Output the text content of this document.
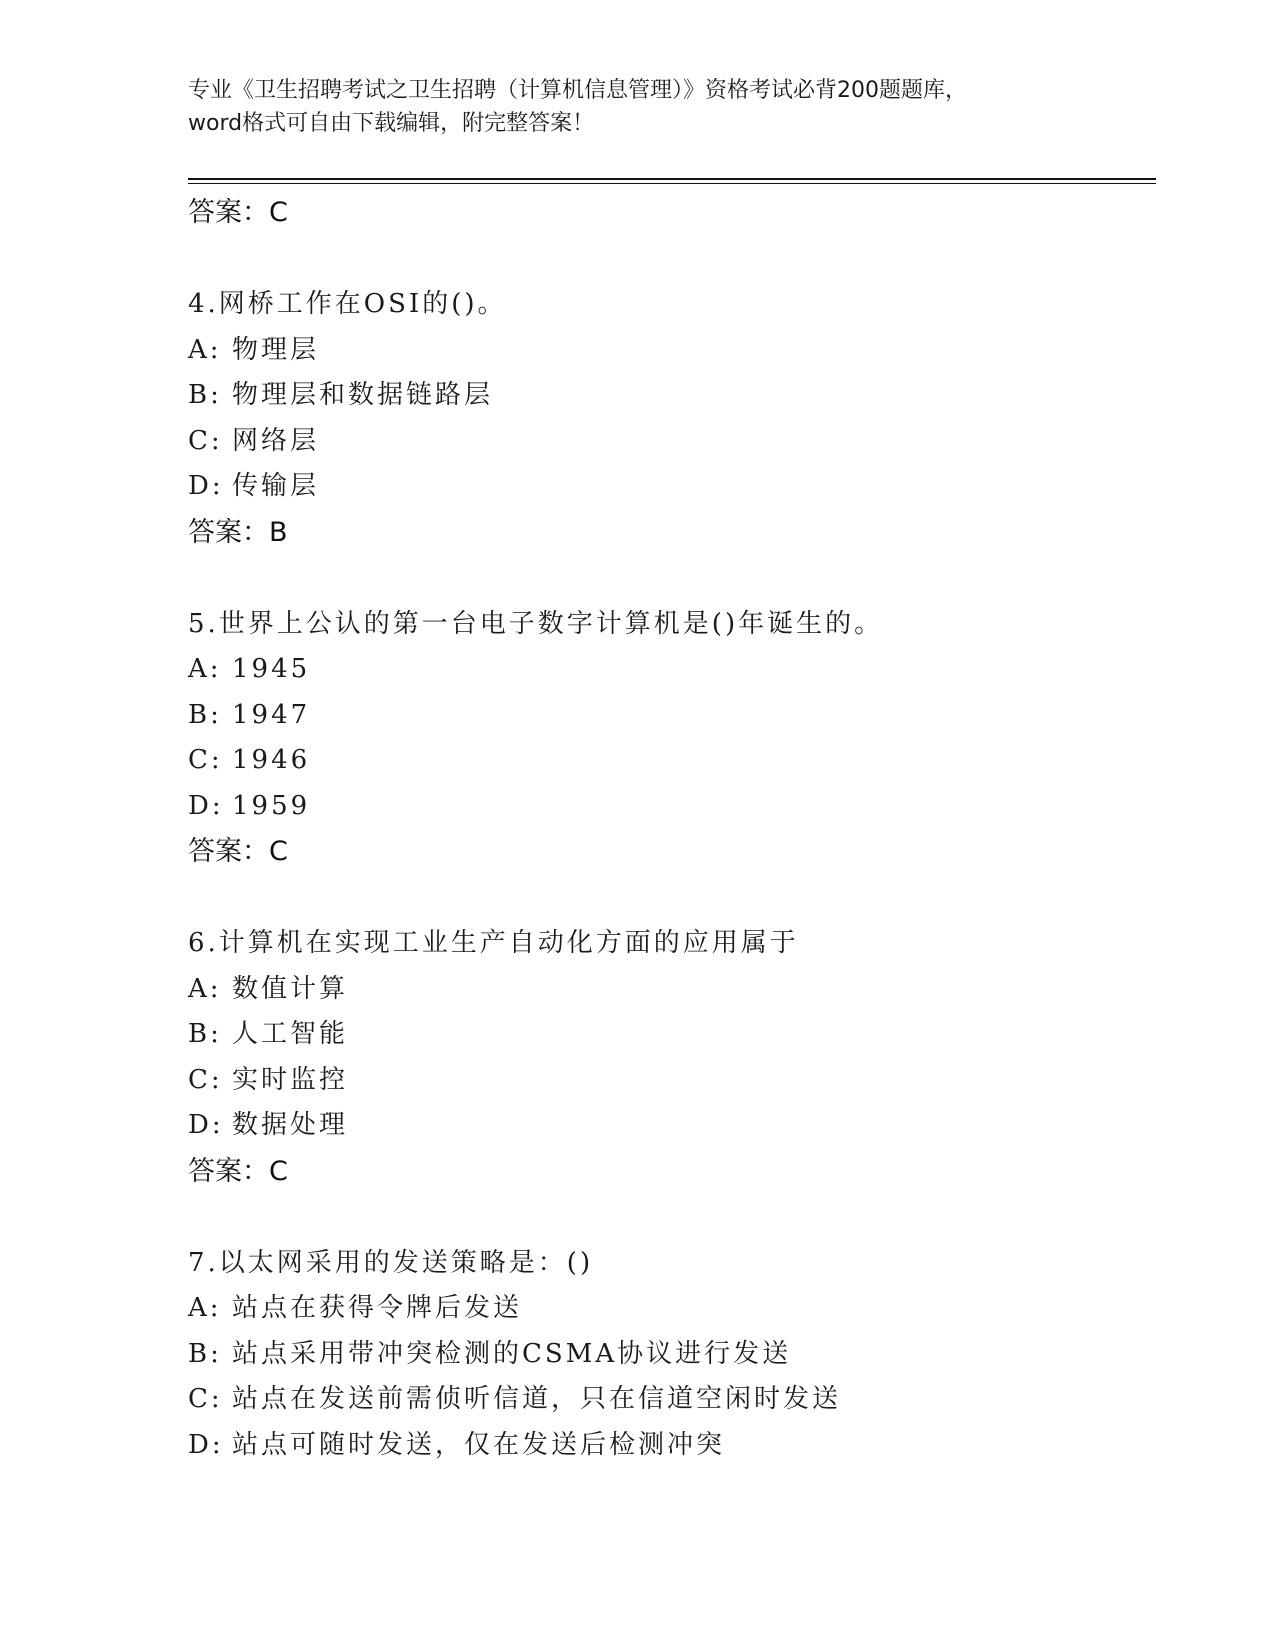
专业《卫生招聘考试之卫生招聘（计算机信息管理）》资格考试必背200题题库，
word格式可自由下载编辑，附完整答案！
答案：C
4.网桥工作在OSI的()。
A: 物理层
B: 物理层和数据链路层
C: 网络层
D: 传输层
答案：B
5.世界上公认的第一台电子数字计算机是()年诞生的。
A: 1945
B: 1947
C: 1946
D: 1959
答案：C
6.计算机在实现工业生产自动化方面的应用属于
A: 数值计算
B: 人工智能
C: 实时监控
D: 数据处理
答案：C
7.以太网采用的发送策略是：()
A: 站点在获得令牌后发送
B: 站点采用带冲突检测的CSMA协议进行发送
C: 站点在发送前需侦听信道，只在信道空闲时发送
D: 站点可随时发送，仅在发送后检测冲突
